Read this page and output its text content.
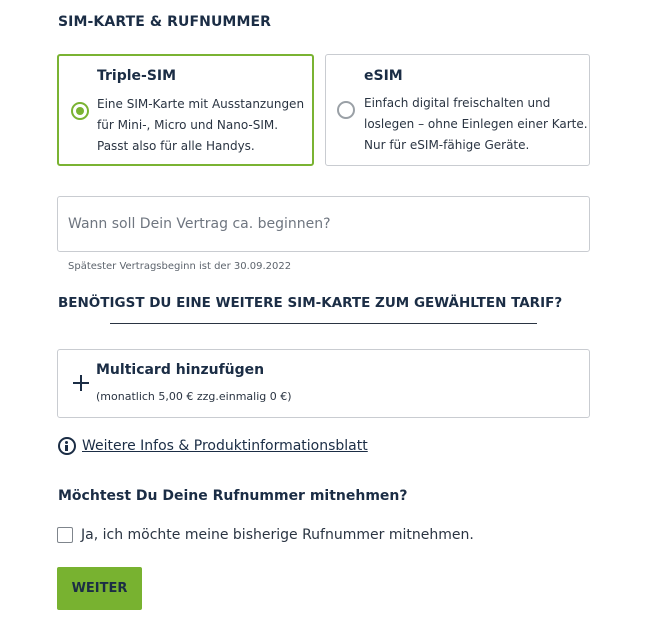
SIM-KARTE & RUFNUMMER
Triple-SIM
Eine SIM-Karte mit Ausstanzungen
für Mini-, Micro und Nano-SIM.
Passt also für alle Handys.
eSIM
Einfach digital freischalten und
loslegen – ohne Einlegen einer Karte.
Nur für eSIM-fähige Geräte.
Wann soll Dein Vertrag ca. beginnen?
Spätester Vertragsbeginn ist der 30.09.2022
BENÖTIGST DU EINE WEITERE SIM-KARTE ZUM GEWÄHLTEN TARIF?
Multicard hinzufügen
(monatlich 5,00 € zzg.einmalig 0 €)
Weitere Infos & Produktinformationsblatt
Möchtest Du Deine Rufnummer mitnehmen?
Ja, ich möchte meine bisherige Rufnummer mitnehmen.
WEITER
